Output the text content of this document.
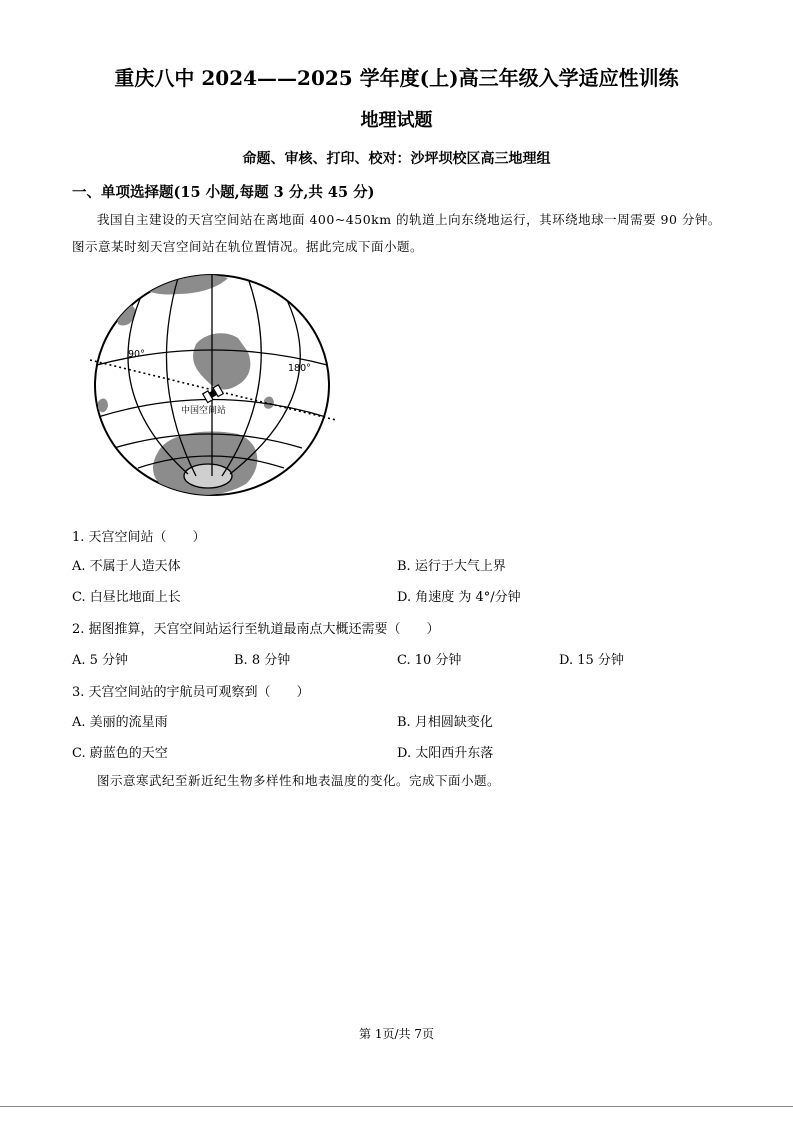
重庆八中 2024——2025 学年度(上)高三年级入学适应性训练
地理试题
命题、审核、打印、校对：沙坪坝校区高三地理组
一、单项选择题(15 小题,每题 3 分,共 45 分)
我国自主建设的天宫空间站在离地面 400~450km 的轨道上向东绕地运行，其环绕地球一周需要 90 分钟。图示意某时刻天宫空间站在轨位置情况。据此完成下面小题。
90°
180°
中国空间站
1. 天宫空间站（　　）
A. 不属于人造天体	B. 运行于大气上界
C. 白昼比地面上长	D. 角速度 为 4°/分钟
2. 据图推算，天宫空间站运行至轨道最南点大概还需要（　　）
A. 5 分钟	B. 8 分钟	C. 10 分钟	D. 15 分钟
3. 天宫空间站的宇航员可观察到（　　）
A. 美丽的流星雨	B. 月相圆缺变化
C. 蔚蓝色的天空	D. 太阳西升东落
图示意寒武纪至新近纪生物多样性和地表温度的变化。完成下面小题。
第 1页/共 7页
